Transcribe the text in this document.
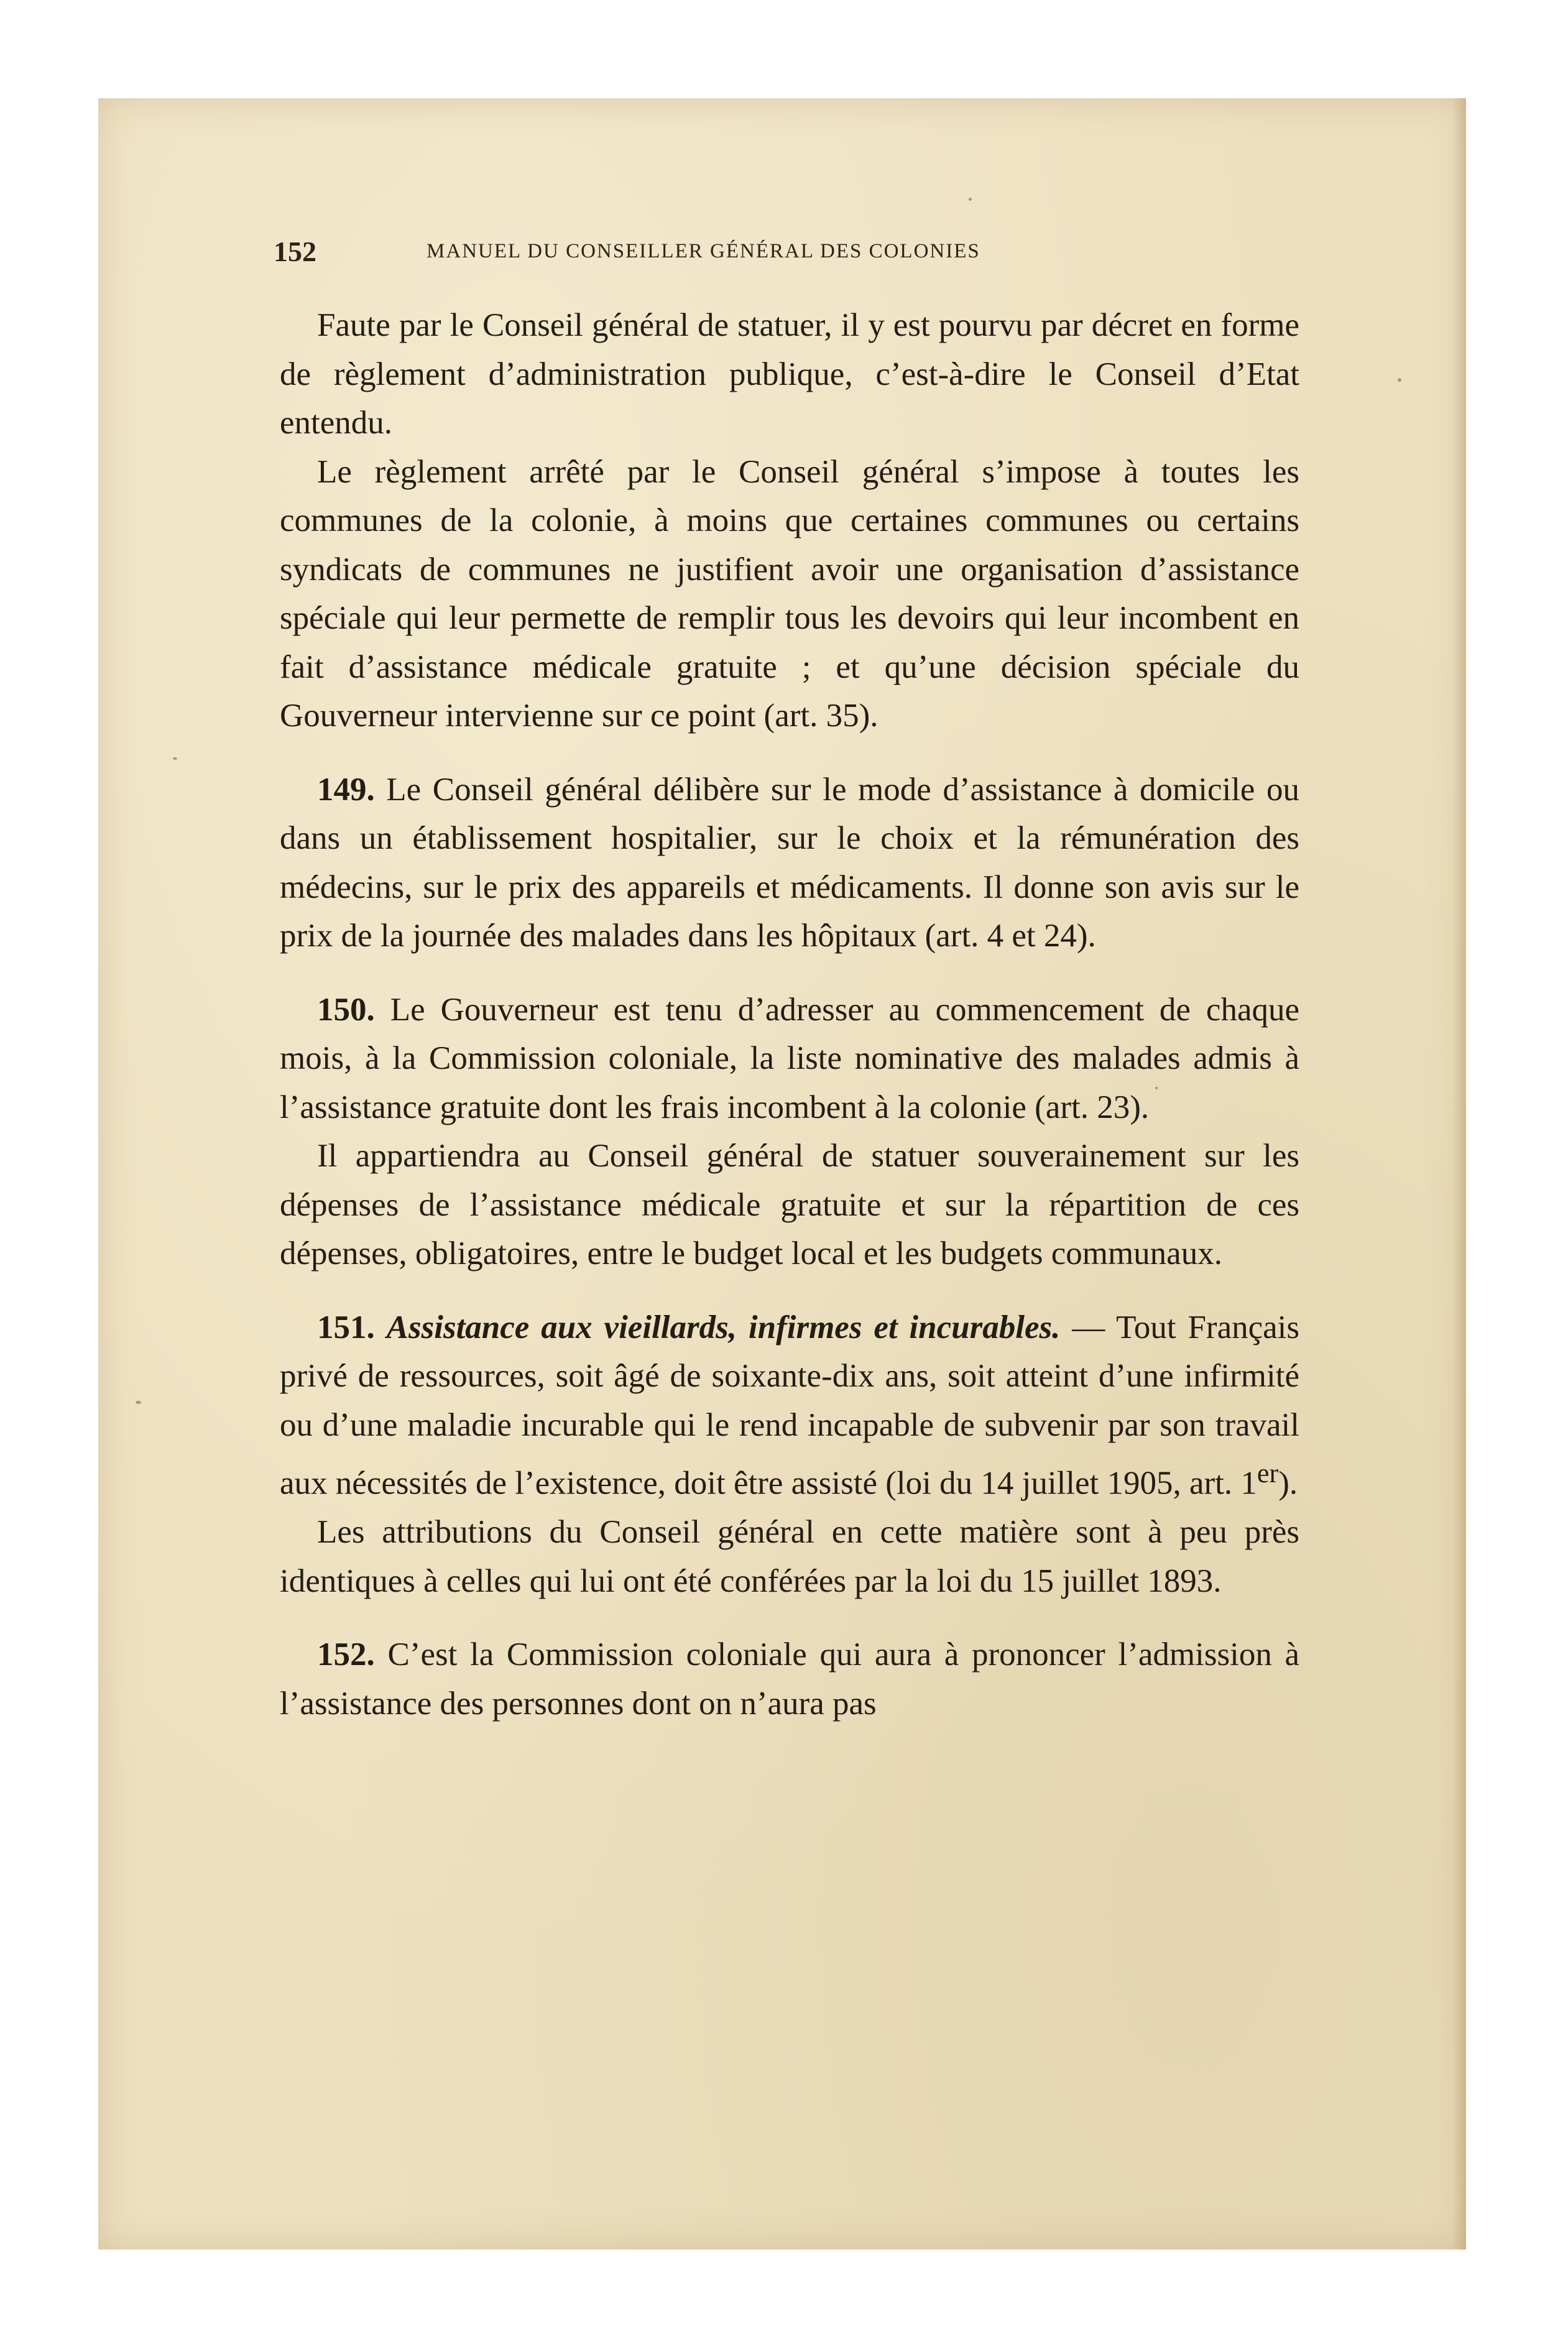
152	MANUEL DU CONSEILLER GÉNÉRAL DES COLONIES

Faute par le Conseil général de statuer, il y est pourvu par décret en forme de règlement d’administration publique, c’est-à-dire le Conseil d’Etat entendu.

Le règlement arrêté par le Conseil général s’impose à toutes les communes de la colonie, à moins que certaines communes ou certains syndicats de communes ne justifient avoir une organisation d’assistance spéciale qui leur permette de remplir tous les devoirs qui leur incombent en fait d’assistance médicale gratuite ; et qu’une décision spéciale du Gouverneur intervienne sur ce point (art. 35).

149. Le Conseil général délibère sur le mode d’assistance à domicile ou dans un établissement hospitalier, sur le choix et la rémunération des médecins, sur le prix des appareils et médicaments. Il donne son avis sur le prix de la journée des malades dans les hôpitaux (art. 4 et 24).

150. Le Gouverneur est tenu d’adresser au commencement de chaque mois, à la Commission coloniale, la liste nominative des malades admis à l’assistance gratuite dont les frais incombent à la colonie (art. 23).

Il appartiendra au Conseil général de statuer souverainement sur les dépenses de l’assistance médicale gratuite et sur la répartition de ces dépenses, obligatoires, entre le budget local et les budgets communaux.

151. Assistance aux vieillards, infirmes et incurables. — Tout Français privé de ressources, soit âgé de soixante-dix ans, soit atteint d’une infirmité ou d’une maladie incurable qui le rend incapable de subvenir par son travail aux nécessités de l’existence, doit être assisté (loi du 14 juillet 1905, art. 1er).

Les attributions du Conseil général en cette matière sont à peu près identiques à celles qui lui ont été conférées par la loi du 15 juillet 1893.

152. C’est la Commission coloniale qui aura à prononcer l’admission à l’assistance des personnes dont on n’aura pas
